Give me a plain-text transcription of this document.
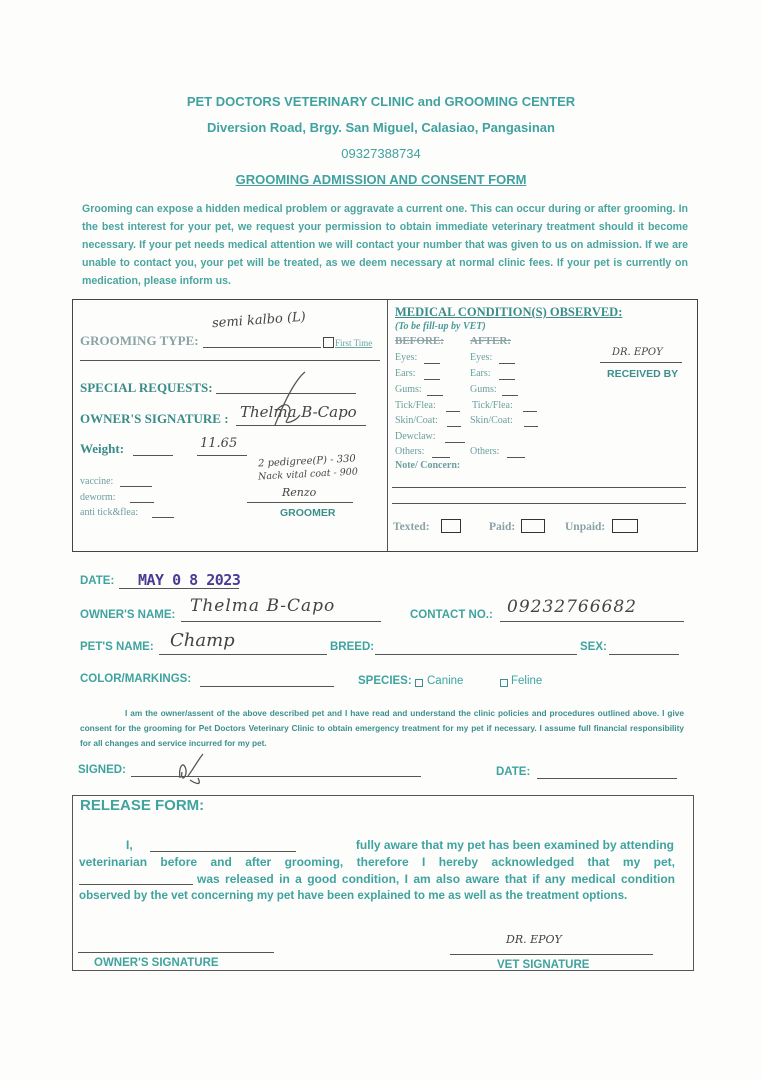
PET DOCTORS VETERINARY CLINIC and GROOMING CENTER
Diversion Road, Brgy. San Miguel, Calasiao, Pangasinan
09327388734
GROOMING ADMISSION AND CONSENT FORM
Grooming can expose a hidden medical problem or aggravate a current one. This can occur during or after grooming. In the best interest for your pet, we request your permission to obtain immediate veterinary treatment should it become necessary. If your pet needs medical attention we will contact your number that was given to us on admission. If we are unable to contact you, your pet will be treated, as we deem necessary at normal clinic fees. If your pet is currently on medication, please inform us.
GROOMING TYPE:
semi kalbo (L)
First Time
SPECIAL REQUESTS:
OWNER'S SIGNATURE : Thelma B-Capo
Weight:	11.65
vaccine:
deworm:
anti tick&flea:
2 pedigree(P) - 330
Nack vital coat - 900
Renzo
GROOMER
MEDICAL CONDITION(S) OBSERVED:
(To be fill-up by VET)
BEFORE: AFTER:
Eyes:	Eyes:
Ears:	Ears:
Gums:	Gums:
Tick/Flea:	Tick/Flea:
Skin/Coat:	Skin/Coat:
Dewclaw:
Others:	Others:
DR. EPOY
RECEIVED BY
Note/ Concern:
Texted:	Paid:	Unpaid:
DATE: MAY 0 8 2023
OWNER'S NAME: Thelma B-Capo	CONTACT NO.: 09232766682
PET'S NAME: Champ	BREED:	SEX:
COLOR/MARKINGS:	SPECIES: Canine	Feline
I am the owner/assent of the above described pet and I have read and understand the clinic policies and procedures outlined above. I give consent for the grooming for Pet Doctors Veterinary Clinic to obtain emergency treatment for my pet if necessary. I assume full financial responsibility for all changes and service incurred for my pet.
SIGNED:	DATE:
RELEASE FORM:
I,	fully aware that my pet has been examined by attending
veterinarian before and after grooming, therefore I hereby acknowledged that my pet,
was released in a good condition, I am also aware that if any medical condition
observed by the vet concerning my pet have been explained to me as well as the treatment options.
OWNER'S SIGNATURE
DR. EPOY
VET SIGNATURE
